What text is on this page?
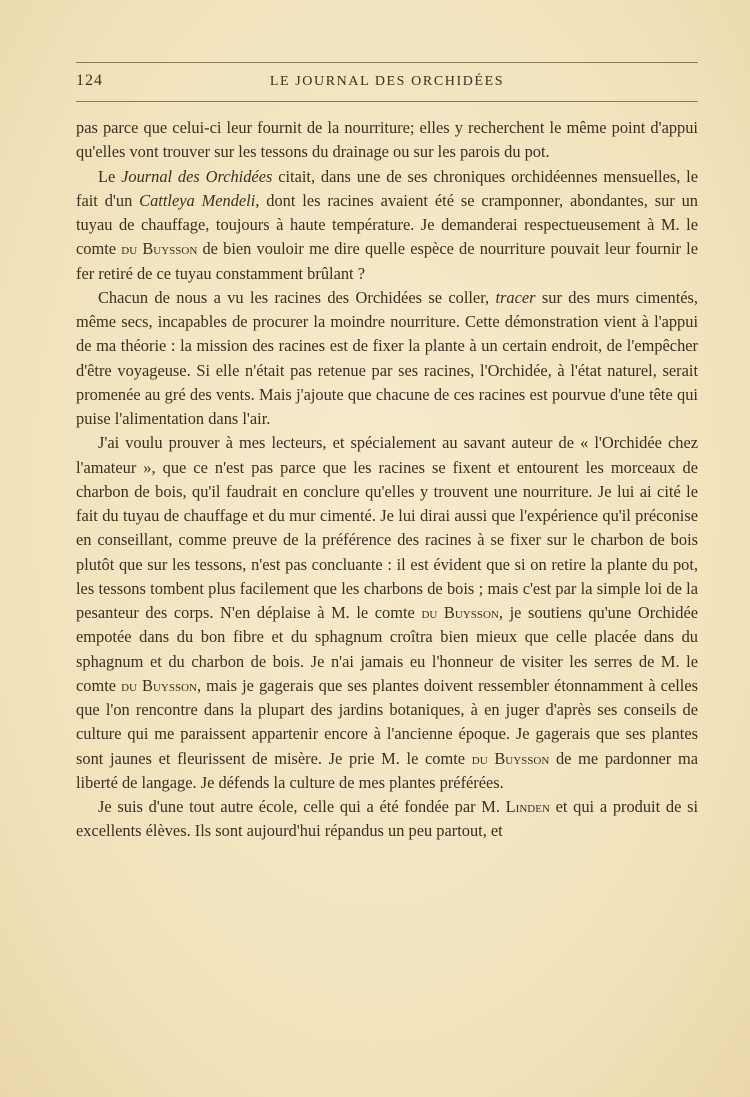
124	LE JOURNAL DES ORCHIDÉES

pas parce que celui-ci leur fournit de la nourriture; elles y recherchent le même point d'appui qu'elles vont trouver sur les tessons du drainage ou sur les parois du pot.

Le Journal des Orchidées citait, dans une de ses chroniques orchidéennes mensuelles, le fait d'un Cattleya Mendeli, dont les racines avaient été se cramponner, abondantes, sur un tuyau de chauffage, toujours à haute température. Je demanderai respectueusement à M. le comte du Buysson de bien vouloir me dire quelle espèce de nourriture pouvait leur fournir le fer retiré de ce tuyau constamment brûlant ?

Chacun de nous a vu les racines des Orchidées se coller, tracer sur des murs cimentés, même secs, incapables de procurer la moindre nourriture. Cette démonstration vient à l'appui de ma théorie : la mission des racines est de fixer la plante à un certain endroit, de l'empêcher d'être voyageuse. Si elle n'était pas retenue par ses racines, l'Orchidée, à l'état naturel, serait promenée au gré des vents. Mais j'ajoute que chacune de ces racines est pourvue d'une tête qui puise l'alimentation dans l'air.

J'ai voulu prouver à mes lecteurs, et spécialement au savant auteur de « l'Orchidée chez l'amateur », que ce n'est pas parce que les racines se fixent et entourent les morceaux de charbon de bois, qu'il faudrait en conclure qu'elles y trouvent une nourriture. Je lui ai cité le fait du tuyau de chauffage et du mur cimenté. Je lui dirai aussi que l'expérience qu'il préconise en conseillant, comme preuve de la préférence des racines à se fixer sur le charbon de bois plutôt que sur les tessons, n'est pas concluante : il est évident que si on retire la plante du pot, les tessons tombent plus facilement que les charbons de bois ; mais c'est par la simple loi de la pesanteur des corps. N'en déplaise à M. le comte du Buysson, je soutiens qu'une Orchidée empotée dans du bon fibre et du sphagnum croîtra bien mieux que celle placée dans du sphagnum et du charbon de bois. Je n'ai jamais eu l'honneur de visiter les serres de M. le comte du Buysson, mais je gagerais que ses plantes doivent ressembler étonnamment à celles que l'on rencontre dans la plupart des jardins botaniques, à en juger d'après ses conseils de culture qui me paraissent appartenir encore à l'ancienne époque. Je gagerais que ses plantes sont jaunes et fleurissent de misère. Je prie M. le comte du Buysson de me pardonner ma liberté de langage. Je défends la culture de mes plantes préférées.

Je suis d'une tout autre école, celle qui a été fondée par M. Linden et qui a produit de si excellents élèves. Ils sont aujourd'hui répandus un peu partout, et
